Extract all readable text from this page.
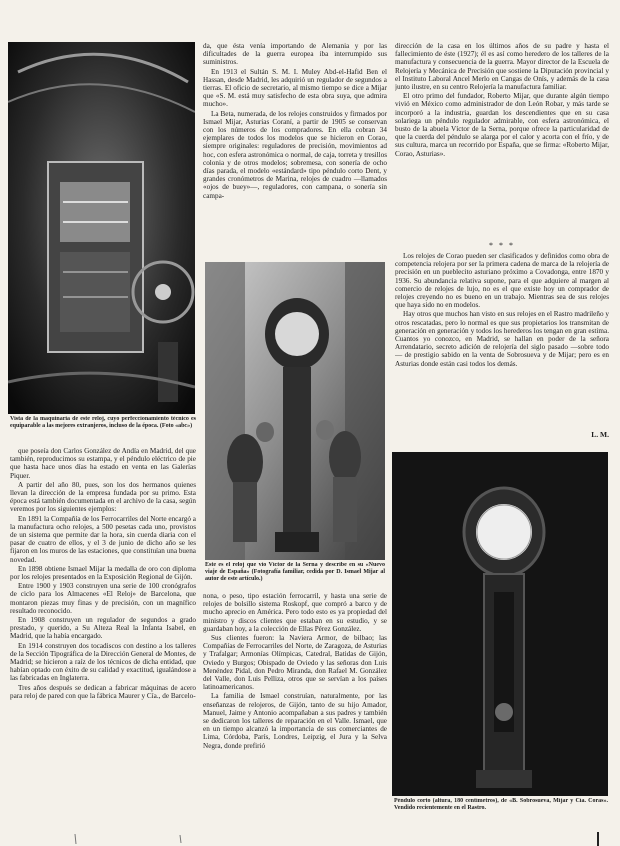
Vista de la maquinaria de este reloj, cuyo perfeccionamiento técnico es equiparable a las mejores extranjeros, incluso de la época. (Foto «abc»)

que poseía don Carlos González de Andía en Madrid, del que también, reproducimos su estampa, y el péndulo eléctrico de pie que hasta hace unos días ha estado en venta en las Galerías Piquer.

A partir del año 80, pues, son los dos hermanos quienes llevan la dirección de la empresa fundada por su primo. Esta época está también documentada en el archivo de la casa, según veremos por los siguientes ejemplos:

En 1891 la Compañía de los Ferrocarriles del Norte encargó a la manufactura ocho relojes, a 500 pesetas cada uno, provistos de un sistema que permite dar la hora, sin cuerda diaria con el pasar de cuatro de ellos, y el 3 de junio de dicho año se les fijaron en los muros de las estaciones, que constituían una buena novedad.

En 1898 obtiene Ismael Mijar la medalla de oro con diploma por los relojes presentados en la Exposición Regional de Gijón.

Entre 1900 y 1903 construyen una serie de 100 cronógrafos de ciclo para los Almacenes «El Reloj» de Barcelona, que montaron piezas muy finas y de precisión, con un magnífico resultado reconocido.

En 1908 construyen un regulador de segundos a grado prestado, y querido, a Su Alteza Real la Infanta Isabel, en Madrid, que la había encargado.

En 1914 construyen dos tocadiscos con destino a los talleres de la Sección Tipográfica de la Dirección General de Montes, de Madrid; se hicieron a raíz de los técnicos de dicha entidad, que habían optado con éxito de su calidad y exactitud, igualándose a las fabricadas en Inglaterra.

Tres años después se dedican a fabricar máquinas de acero para reloj de pared con que la fábrica Maurer y Cía., de Barcelo-

da, que ésta venía importando de Alemania y por las dificultades de la guerra europea iba interrumpido sus suministros.

En 1913 el Sultán S. M. I. Muley Abd-el-Hafid Ben el Hassan, desde Madrid, les adquirió un regulador de segundos a tierras. El oficio de secretario, al mismo tiempo se dice a Mijar que «S. M. está muy satisfecho de esta obra suya, que admira mucho».

La Beta, numerada, de los relojes construidos y firmados por Ismael Mijar, Asturias Coraní, a partir de 1905 se conservan con los números de los compradores. En ella cobran 34 ejemplares de todos los modelos que se hicieron en Corao, siempre originales: reguladores de precisión, movimientos ad hoc, con esfera astronómica o normal, de caja, torreta y tresillos colonia y de otros modelos; sobremesa, con sonería de ocho días parada, el modelo «estándard» tipo péndulo corto Dent, y grandes cronómetros de Marina, relojes de cuadro —llamados «ojos de buey»—, reguladores, con campana, o sonería sin campa-

Este es el reloj que vio Víctor de la Serna y describe en su «Nuevo viaje de España» (Fotografía familiar, cedida por D. Ismael Mijar al autor de este artículo.)

nona, o peso, tipo estación ferrocarril, y hasta una serie de relojes de bolsillo sistema Roskopf, que compró a barco y de mucho aprecio en América. Pero todo esto es ya propiedad del ministro y discos clientes que estaban en su estudio, y se guardaban hoy, a la colección de Ellas Pérez González.

Sus clientes fueron: la Naviera Armor, de bilbao; las Compañías de Ferrocarriles del Norte, de Zaragoza, de Asturias y Trafalgar; Armonías Olímpicas, Catedral, Batidas de Gijón, Oviedo y Burgos; Obispado de Oviedo y las señoras don Luis Menéndez Pidal, don Pedro Miranda, don Rafael M. González del Valle, don Luis Pelliza, otros que se servían a los países latinoamericanos.

La familia de Ismael construían, naturalmente, por las enseñanzas de relojeros, de Gijón, tanto de su hijo Amador, Manuel, Jaime y Antonio acompañaban a sus padres y también se dedicaron los talleres de reparación en el Valle. Ismael, que en un tiempo alcanzó la importancia de sus comerciantes de Lima, Córdoba, París, Londres, Leipzig, el Jura y la Selva Negra, donde prefirió

dirección de la casa en los últimos años de su padre y hasta el fallecimiento de éste (1927); él es así como heredero de los talleres de la manufactura y consecuencia de la guerra. Mayor director de la Escuela de Relojería y Mecánica de Precisión que sostiene la Diputación provincial y el Instituto Laboral Ancel Merlo en Cangas de Onís, y además de la casa junto ilustre, en su centro Relojería la manufactura familiar.

El otro primo del fundador, Roberto Mijar, que durante algún tiempo vivió en México como administrador de don León Robar, y más tarde se incorporó a la industria, guardan los descendientes que en su casa solariega un péndulo regulador admirable, con esfera astronómica, el busto de la abuela Víctor de la Serna, porque ofrece la particularidad de que la cuerda del péndulo se alarga por el calor y acorta con el frío, y de sus cultura, marca un recorrido por España, que se firma: «Roberto Mijar, Corao, Asturias».

* * *

Los relojes de Corao pueden ser clasificados y definidos como obra de competencia relojera por ser la primera cadena de marca de la relojería de precisión en un pueblecito asturiano próximo a Covadonga, entre 1870 y 1936. Su abundancia relativa supone, para el que adquiere al margen al comercio de relojes de lujo, no es el que existe hoy un comprador de relojes creyendo no es bueno en un trabajo. Mientras sea de sus relojes que haya sido no en modelos.

Hay otros que muchos han visto en sus relojes en el Rastro madrileño y otros rescatadas, pero lo normal es que sus propietarios los transmitan de generación en generación y todos los herederos los tengan en gran estima. Cuantos yo conozco, en Madrid, se hallan en poder de la señora Arrendatario, secreto adición de relojería del siglo pasado —sobre todo — de prestigio sabido en la venta de Sobrosueva y de Mijar; pero es en Asturias donde están casi todos los demás.

L. M.
Péndulo corto (altura, 180 centímetros), de «B. Sobrosueva, Mijar y Cía. Coras». Vendido recientemente en el Rastro.
